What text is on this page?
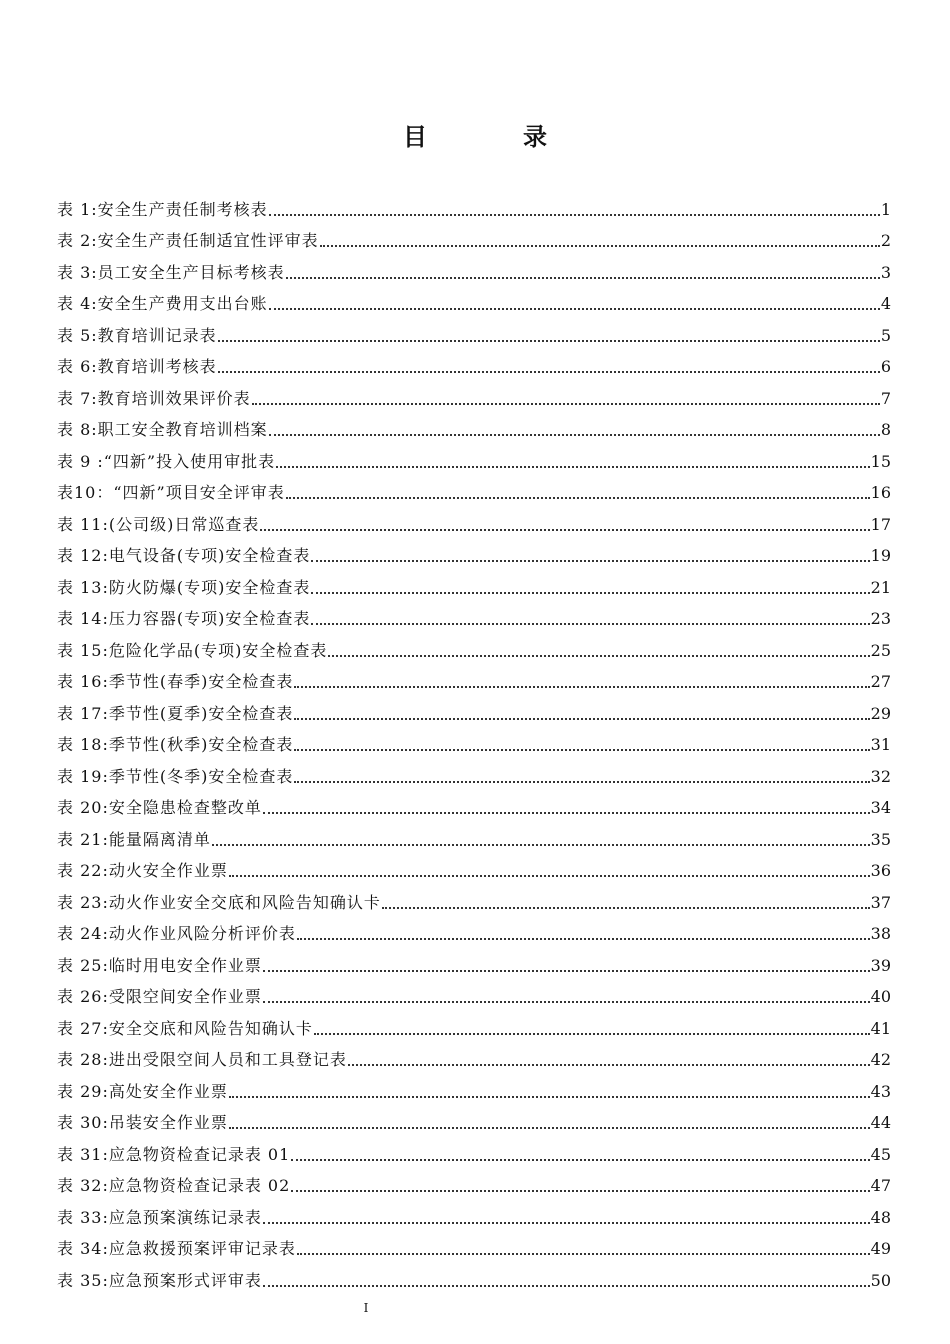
目　录
表 1:安全生产责任制考核表	1
表 2:安全生产责任制适宜性评审表	2
表 3:员工安全生产目标考核表	3
表 4:安全生产费用支出台账	4
表 5:教育培训记录表	5
表 6:教育培训考核表	6
表 7:教育培训效果评价表	7
表 8:职工安全教育培训档案	8
表 9 :“四新”投入使用审批表	15
表10：“四新”项目安全评审表	16
表 11:(公司级)日常巡查表	17
表 12:电气设备(专项)安全检查表	19
表 13:防火防爆(专项)安全检查表	21
表 14:压力容器(专项)安全检查表	23
表 15:危险化学品(专项)安全检查表	25
表 16:季节性(春季)安全检查表	27
表 17:季节性(夏季)安全检查表	29
表 18:季节性(秋季)安全检查表	31
表 19:季节性(冬季)安全检查表	32
表 20:安全隐患检查整改单	34
表 21:能量隔离清单	35
表 22:动火安全作业票	36
表 23:动火作业安全交底和风险告知确认卡	37
表 24:动火作业风险分析评价表	38
表 25:临时用电安全作业票	39
表 26:受限空间安全作业票	40
表 27:安全交底和风险告知确认卡	41
表 28:进出受限空间人员和工具登记表	42
表 29:高处安全作业票	43
表 30:吊装安全作业票	44
表 31:应急物资检查记录表 01	45
表 32:应急物资检查记录表 02	47
表 33:应急预案演练记录表	48
表 34:应急救援预案评审记录表	49
表 35:应急预案形式评审表	50
I
